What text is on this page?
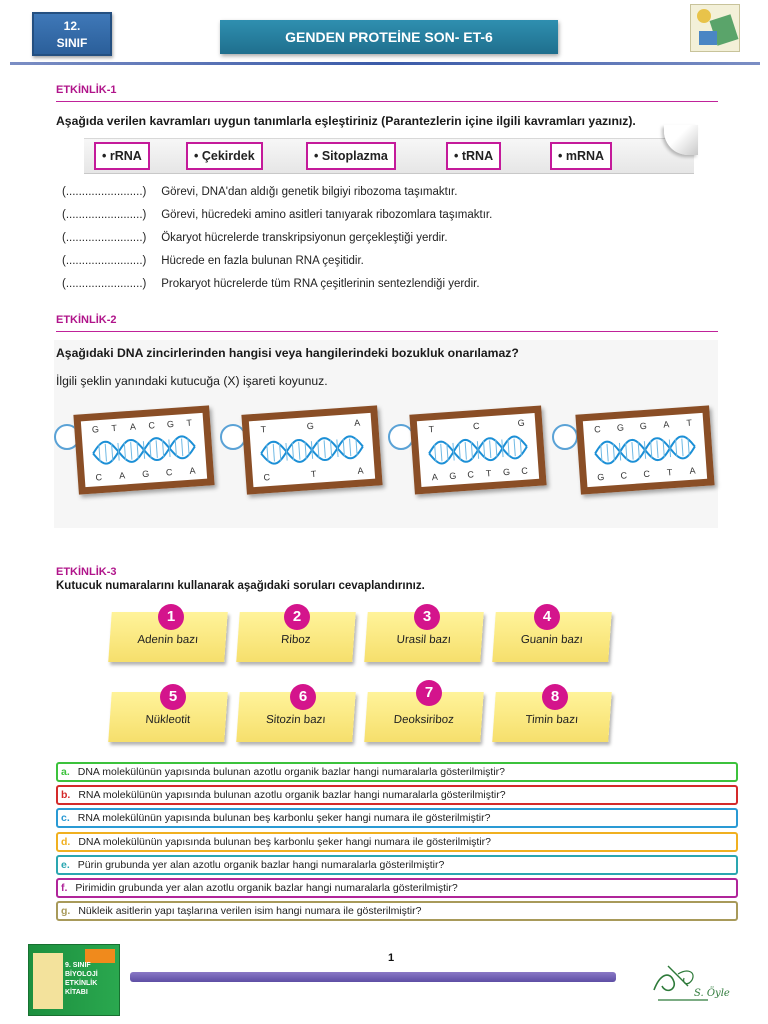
12.
SINIF	GENDEN PROTEİNE SON- ET-6
ETKİNLİK-1
Aşağıda verilen kavramları uygun tanımlarla eşleştiriniz (Parantezlerin içine ilgili kavramları yazınız).
• rRNA	• Çekirdek	• Sitoplazma	• tRNA	• mRNA
(........................) Görevi, DNA'dan aldığı genetik bilgiyi ribozoma taşımaktır.
(........................) Görevi, hücredeki amino asitleri tanıyarak ribozomlara taşımaktır.
(........................) Ökaryot hücrelerde transkripsiyonun gerçekleştiği yerdir.
(........................) Hücrede en fazla bulunan RNA çeşitidir.
(........................) Prokaryot hücrelerde tüm RNA çeşitlerinin sentezlendiği yerdir.
ETKİNLİK-2
Aşağıdaki DNA zincirlerinden hangisi veya hangilerindeki bozukluk onarılamaz?
İlgili şeklin yanındaki kutucuğa (X) işareti koyunuz.
G T A C G T
C A G C A
T	G	A
C	T	A
T	C	G
A G C T G C
C G G A T
G C C T A
ETKİNLİK-3
Kutucuk numaralarını kullanarak aşağıdaki soruları cevaplandırınız.
Adenin bazı
1
Riboz
2
Urasil bazı
3
Guanin bazı
4
Nükleotit
5
Sitozin bazı
6
Deoksiriboz
7
Timin bazı
8
a. DNA molekülünün yapısında bulunan azotlu organik bazlar hangi numaralarla gösterilmiştir?
b. RNA molekülünün yapısında bulunan azotlu organik bazlar hangi numaralarla gösterilmiştir?
c. RNA molekülünün yapısında bulunan beş karbonlu şeker hangi numara ile gösterilmiştir?
d. DNA molekülünün yapısında bulunan beş karbonlu şeker hangi numara ile gösterilmiştir?
e. Pürin grubunda yer alan azotlu organik bazlar hangi numaralarla gösterilmiştir?
f. Pirimidin grubunda yer alan azotlu organik bazlar hangi numaralarla gösterilmiştir?
g. Nükleik asitlerin yapı taşlarına verilen isim hangi numara ile gösterilmiştir?
1
9. SINIF
BİYOLOJİ
ETKİNLİK
KİTABI	S. Öyle
